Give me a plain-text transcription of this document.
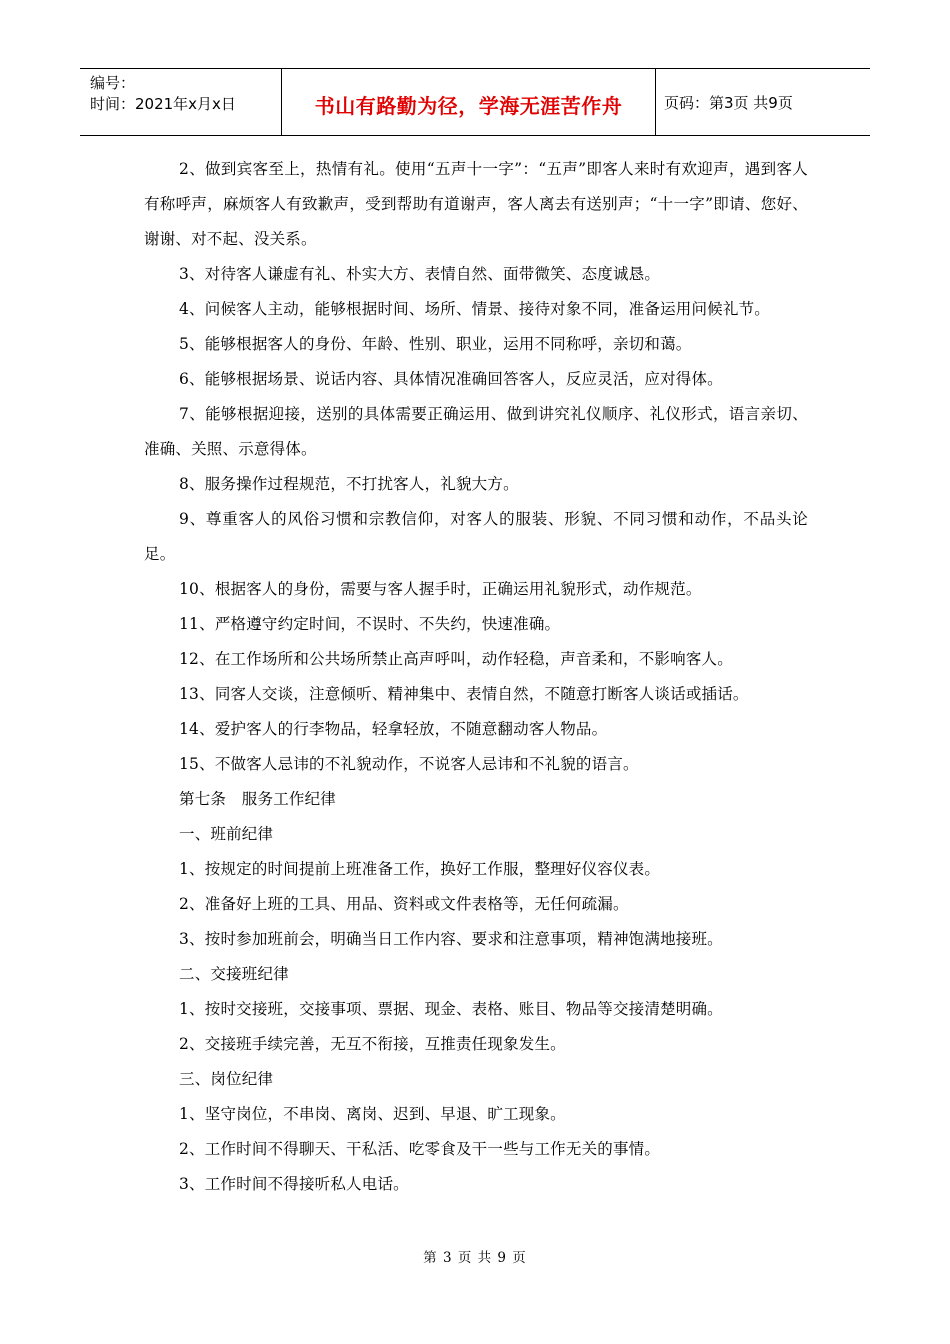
编号：
时间：2021年x月x日	书山有路勤为径，学海无涯苦作舟	页码：第3页 共9页

2、做到宾客至上，热情有礼。使用“五声十一字”：“五声”即客人来时有欢迎声，遇到客人有称呼声，麻烦客人有致歉声，受到帮助有道谢声，客人离去有送别声；“十一字”即请、您好、谢谢、对不起、没关系。

3、对待客人谦虚有礼、朴实大方、表情自然、面带微笑、态度诚恳。

4、问候客人主动，能够根据时间、场所、情景、接待对象不同，准备运用问候礼节。

5、能够根据客人的身份、年龄、性别、职业，运用不同称呼，亲切和蔼。

6、能够根据场景、说话内容、具体情况准确回答客人，反应灵活，应对得体。

7、能够根据迎接，送别的具体需要正确运用、做到讲究礼仪顺序、礼仪形式，语言亲切、准确、关照、示意得体。

8、服务操作过程规范，不打扰客人，礼貌大方。

9、尊重客人的风俗习惯和宗教信仰，对客人的服装、形貌、不同习惯和动作，不品头论足。

10、根据客人的身份，需要与客人握手时，正确运用礼貌形式，动作规范。

11、严格遵守约定时间，不误时、不失约，快速准确。

12、在工作场所和公共场所禁止高声呼叫，动作轻稳，声音柔和，不影响客人。

13、同客人交谈，注意倾听、精神集中、表情自然，不随意打断客人谈话或插话。

14、爱护客人的行李物品，轻拿轻放，不随意翻动客人物品。

15、不做客人忌讳的不礼貌动作，不说客人忌讳和不礼貌的语言。

第七条　服务工作纪律

一、班前纪律

1、按规定的时间提前上班准备工作，换好工作服，整理好仪容仪表。

2、准备好上班的工具、用品、资料或文件表格等，无任何疏漏。

3、按时参加班前会，明确当日工作内容、要求和注意事项，精神饱满地接班。

二、交接班纪律

1、按时交接班，交接事项、票据、现金、表格、账目、物品等交接清楚明确。

2、交接班手续完善，无互不衔接，互推责任现象发生。

三、岗位纪律

1、坚守岗位，不串岗、离岗、迟到、早退、旷工现象。

2、工作时间不得聊天、干私活、吃零食及干一些与工作无关的事情。

3、工作时间不得接听私人电话。

第 3 页 共 9 页
